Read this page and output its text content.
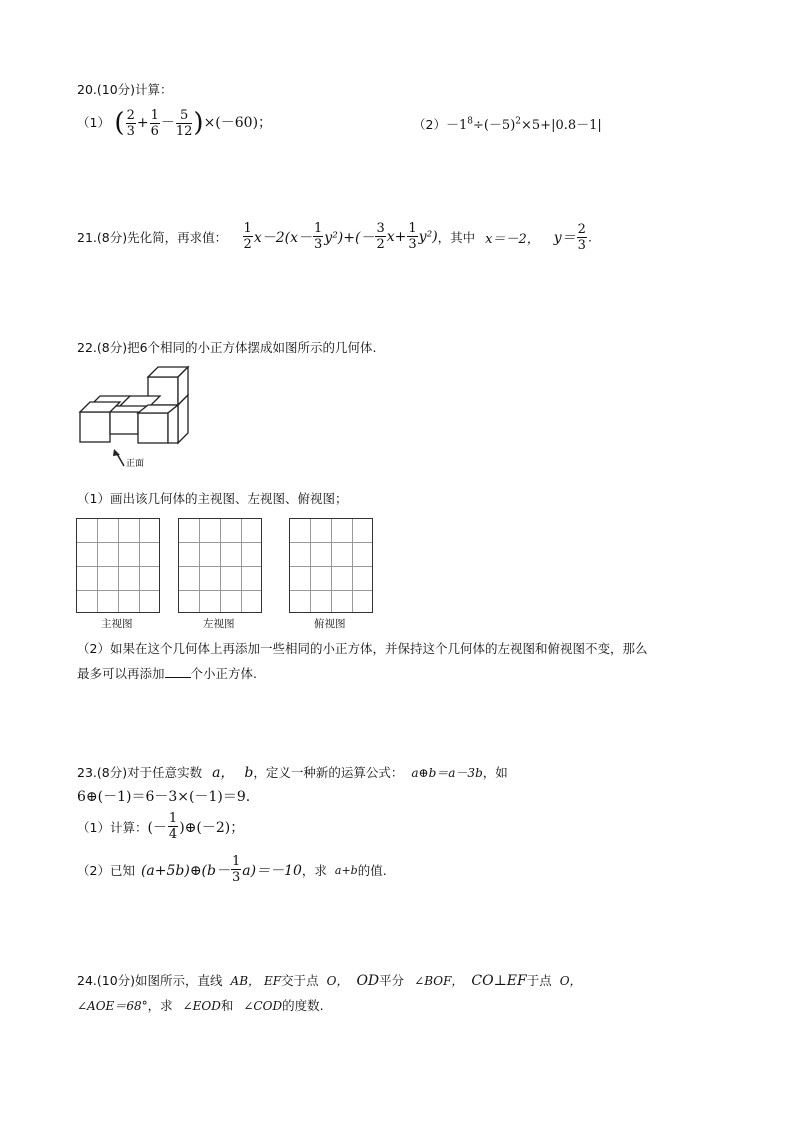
20.(10分)计算：
（1） ( $\frac{2}{3} + \frac{1}{6} - \frac{5}{12} )\times(-60)$；	$(2)-1^8\div(-5)^2\times 5+|0.8-1|$
21.(8分)先化简，再求值： $\frac{1}{2} x-2(x- \frac{1}{3} y^2)+(- \frac{3}{2} x+ \frac{1}{3} y^2)$，其中 x＝－2， $y= \frac{2}{3}$ .
22.(8分)把6个相同的小正方体摆成如图所示的几何体.
正面
（1）画出该几何体的主视图、左视图、俯视图；
主视图	左视图	俯视图
（2）如果在这个几何体上再添加一些相同的小正方体，并保持这个几何体的左视图和俯视图不变，那么
最多可以再添加 个小正方体.
23.(8分)对于任意实数 a， b，定义一种新的运算公式： a⊕b＝a－3b，如
6⊕(－1)＝6－3×(－1)＝9.
（1）计算：(－ $\frac{1}{4}$ )⊕(－2)；
（2）已知 (a+5b)⊕(b－ $\frac{1}{3} a)=-10$，求 a+b的值.
24.(10分)如图所示，直线 AB， EF交于点 O， OD平分 ∠BOF， CO⊥EF于点 O，
∠AOE＝68°，求 ∠EOD和 ∠COD的度数.
